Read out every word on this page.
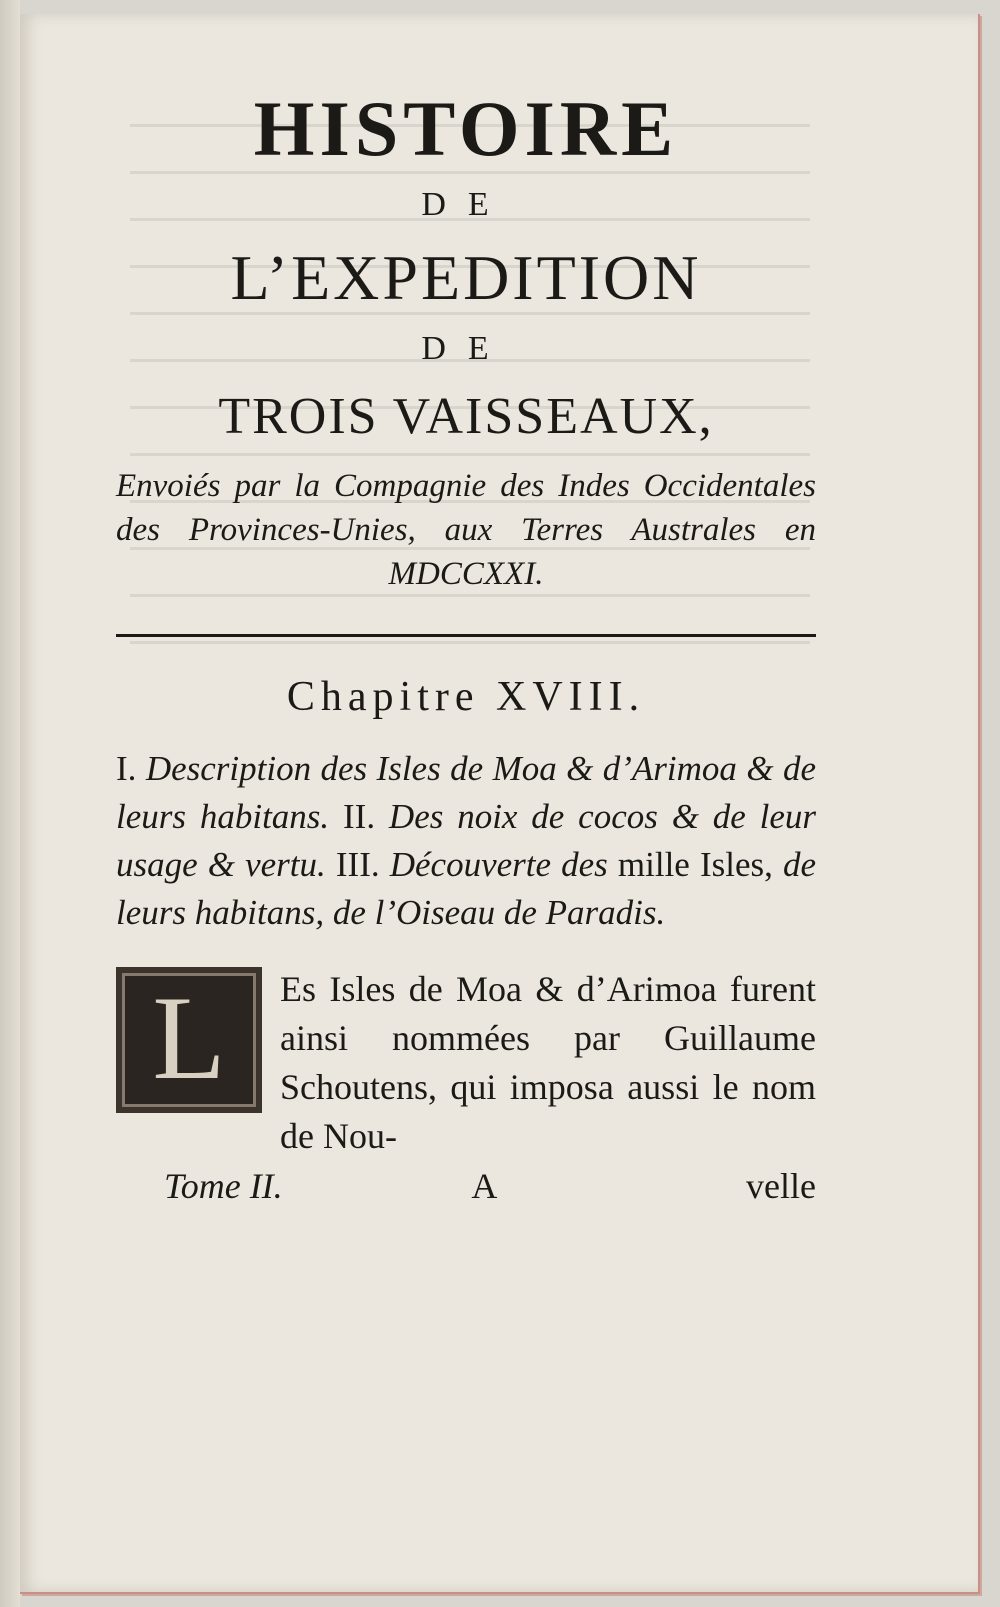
HISTOIRE
DE
L’EXPEDITION
DE
TROIS VAISSEAUX,
Envoiés par la Compagnie des Indes Occidentales des Provinces-Unies, aux Terres Australes en MDCCXXI.
Chapitre XVIII.
I. Description des Isles de Moa & d’Arimoa & de leurs habitans. II. Des noix de cocos & de leur usage & vertu. III. Découverte des mille Isles, de leurs habitans, de l’Oiseau de Paradis.
L	Es Isles de Moa & d’Arimoa furent ainsi nommées par Guillaume Schoutens, qui imposa aussi le nom de Nou-
Tome II.	A	velle
